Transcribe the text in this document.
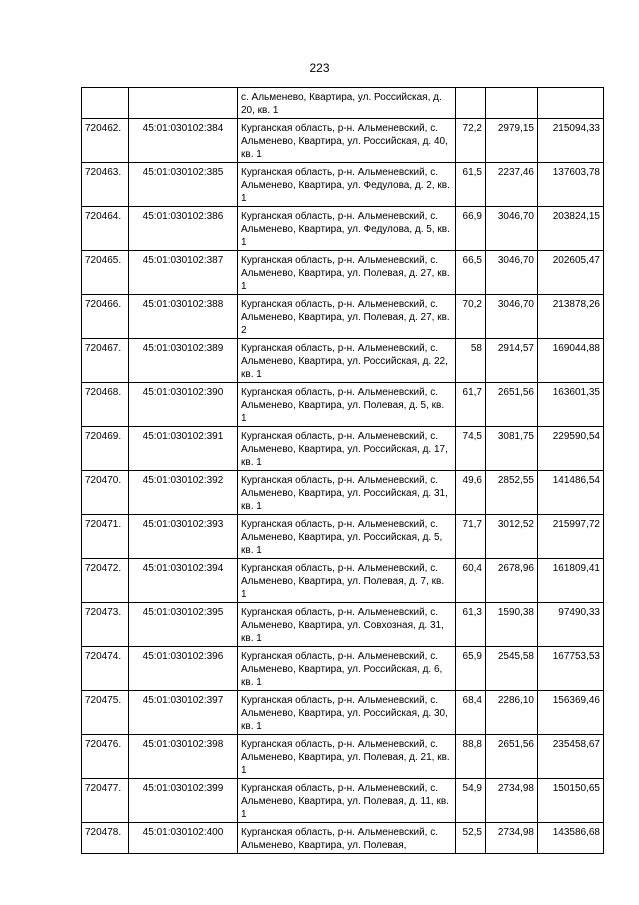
223
		с. Альменево, Квартира, ул. Российская, д. 20, кв. 1			
720462.	45:01:030102:384	Курганская область, р-н. Альменевский, с. Альменево, Квартира, ул. Российская, д. 40, кв. 1	72,2	2979,15	215094,33
720463.	45:01:030102:385	Курганская область, р-н. Альменевский, с. Альменево, Квартира, ул. Федулова, д. 2, кв. 1	61,5	2237,46	137603,78
720464.	45:01:030102:386	Курганская область, р-н. Альменевский, с. Альменево, Квартира, ул. Федулова, д. 5, кв. 1	66,9	3046,70	203824,15
720465.	45:01:030102:387	Курганская область, р-н. Альменевский, с. Альменево, Квартира, ул. Полевая, д. 27, кв. 1	66,5	3046,70	202605,47
720466.	45:01:030102:388	Курганская область, р-н. Альменевский, с. Альменево, Квартира, ул. Полевая, д. 27, кв. 2	70,2	3046,70	213878,26
720467.	45:01:030102:389	Курганская область, р-н. Альменевский, с. Альменево, Квартира, ул. Российская, д. 22, кв. 1	58	2914,57	169044,88
720468.	45:01:030102:390	Курганская область, р-н. Альменевский, с. Альменево, Квартира, ул. Полевая, д. 5, кв. 1	61,7	2651,56	163601,35
720469.	45:01:030102:391	Курганская область, р-н. Альменевский, с. Альменево, Квартира, ул. Российская, д. 17, кв. 1	74,5	3081,75	229590,54
720470.	45:01:030102:392	Курганская область, р-н. Альменевский, с. Альменево, Квартира, ул. Российская, д. 31, кв. 1	49,6	2852,55	141486,54
720471.	45:01:030102:393	Курганская область, р-н. Альменевский, с. Альменево, Квартира, ул. Российская, д. 5, кв. 1	71,7	3012,52	215997,72
720472.	45:01:030102:394	Курганская область, р-н. Альменевский, с. Альменево, Квартира, ул. Полевая, д. 7, кв. 1	60,4	2678,96	161809,41
720473.	45:01:030102:395	Курганская область, р-н. Альменевский, с. Альменево, Квартира, ул. Совхозная, д. 31, кв. 1	61,3	1590,38	97490,33
720474.	45:01:030102:396	Курганская область, р-н. Альменевский, с. Альменево, Квартира, ул. Российская, д. 6, кв. 1	65,9	2545,58	167753,53
720475.	45:01:030102:397	Курганская область, р-н. Альменевский, с. Альменево, Квартира, ул. Российская, д. 30, кв. 1	68,4	2286,10	156369,46
720476.	45:01:030102:398	Курганская область, р-н. Альменевский, с. Альменево, Квартира, ул. Полевая, д. 21, кв. 1	88,8	2651,56	235458,67
720477.	45:01:030102:399	Курганская область, р-н. Альменевский, с. Альменево, Квартира, ул. Полевая, д. 11, кв. 1	54,9	2734,98	150150,65
720478.	45:01:030102:400	Курганская область, р-н. Альменевский, с. Альменево, Квартира, ул. Полевая,	52,5	2734,98	143586,68
